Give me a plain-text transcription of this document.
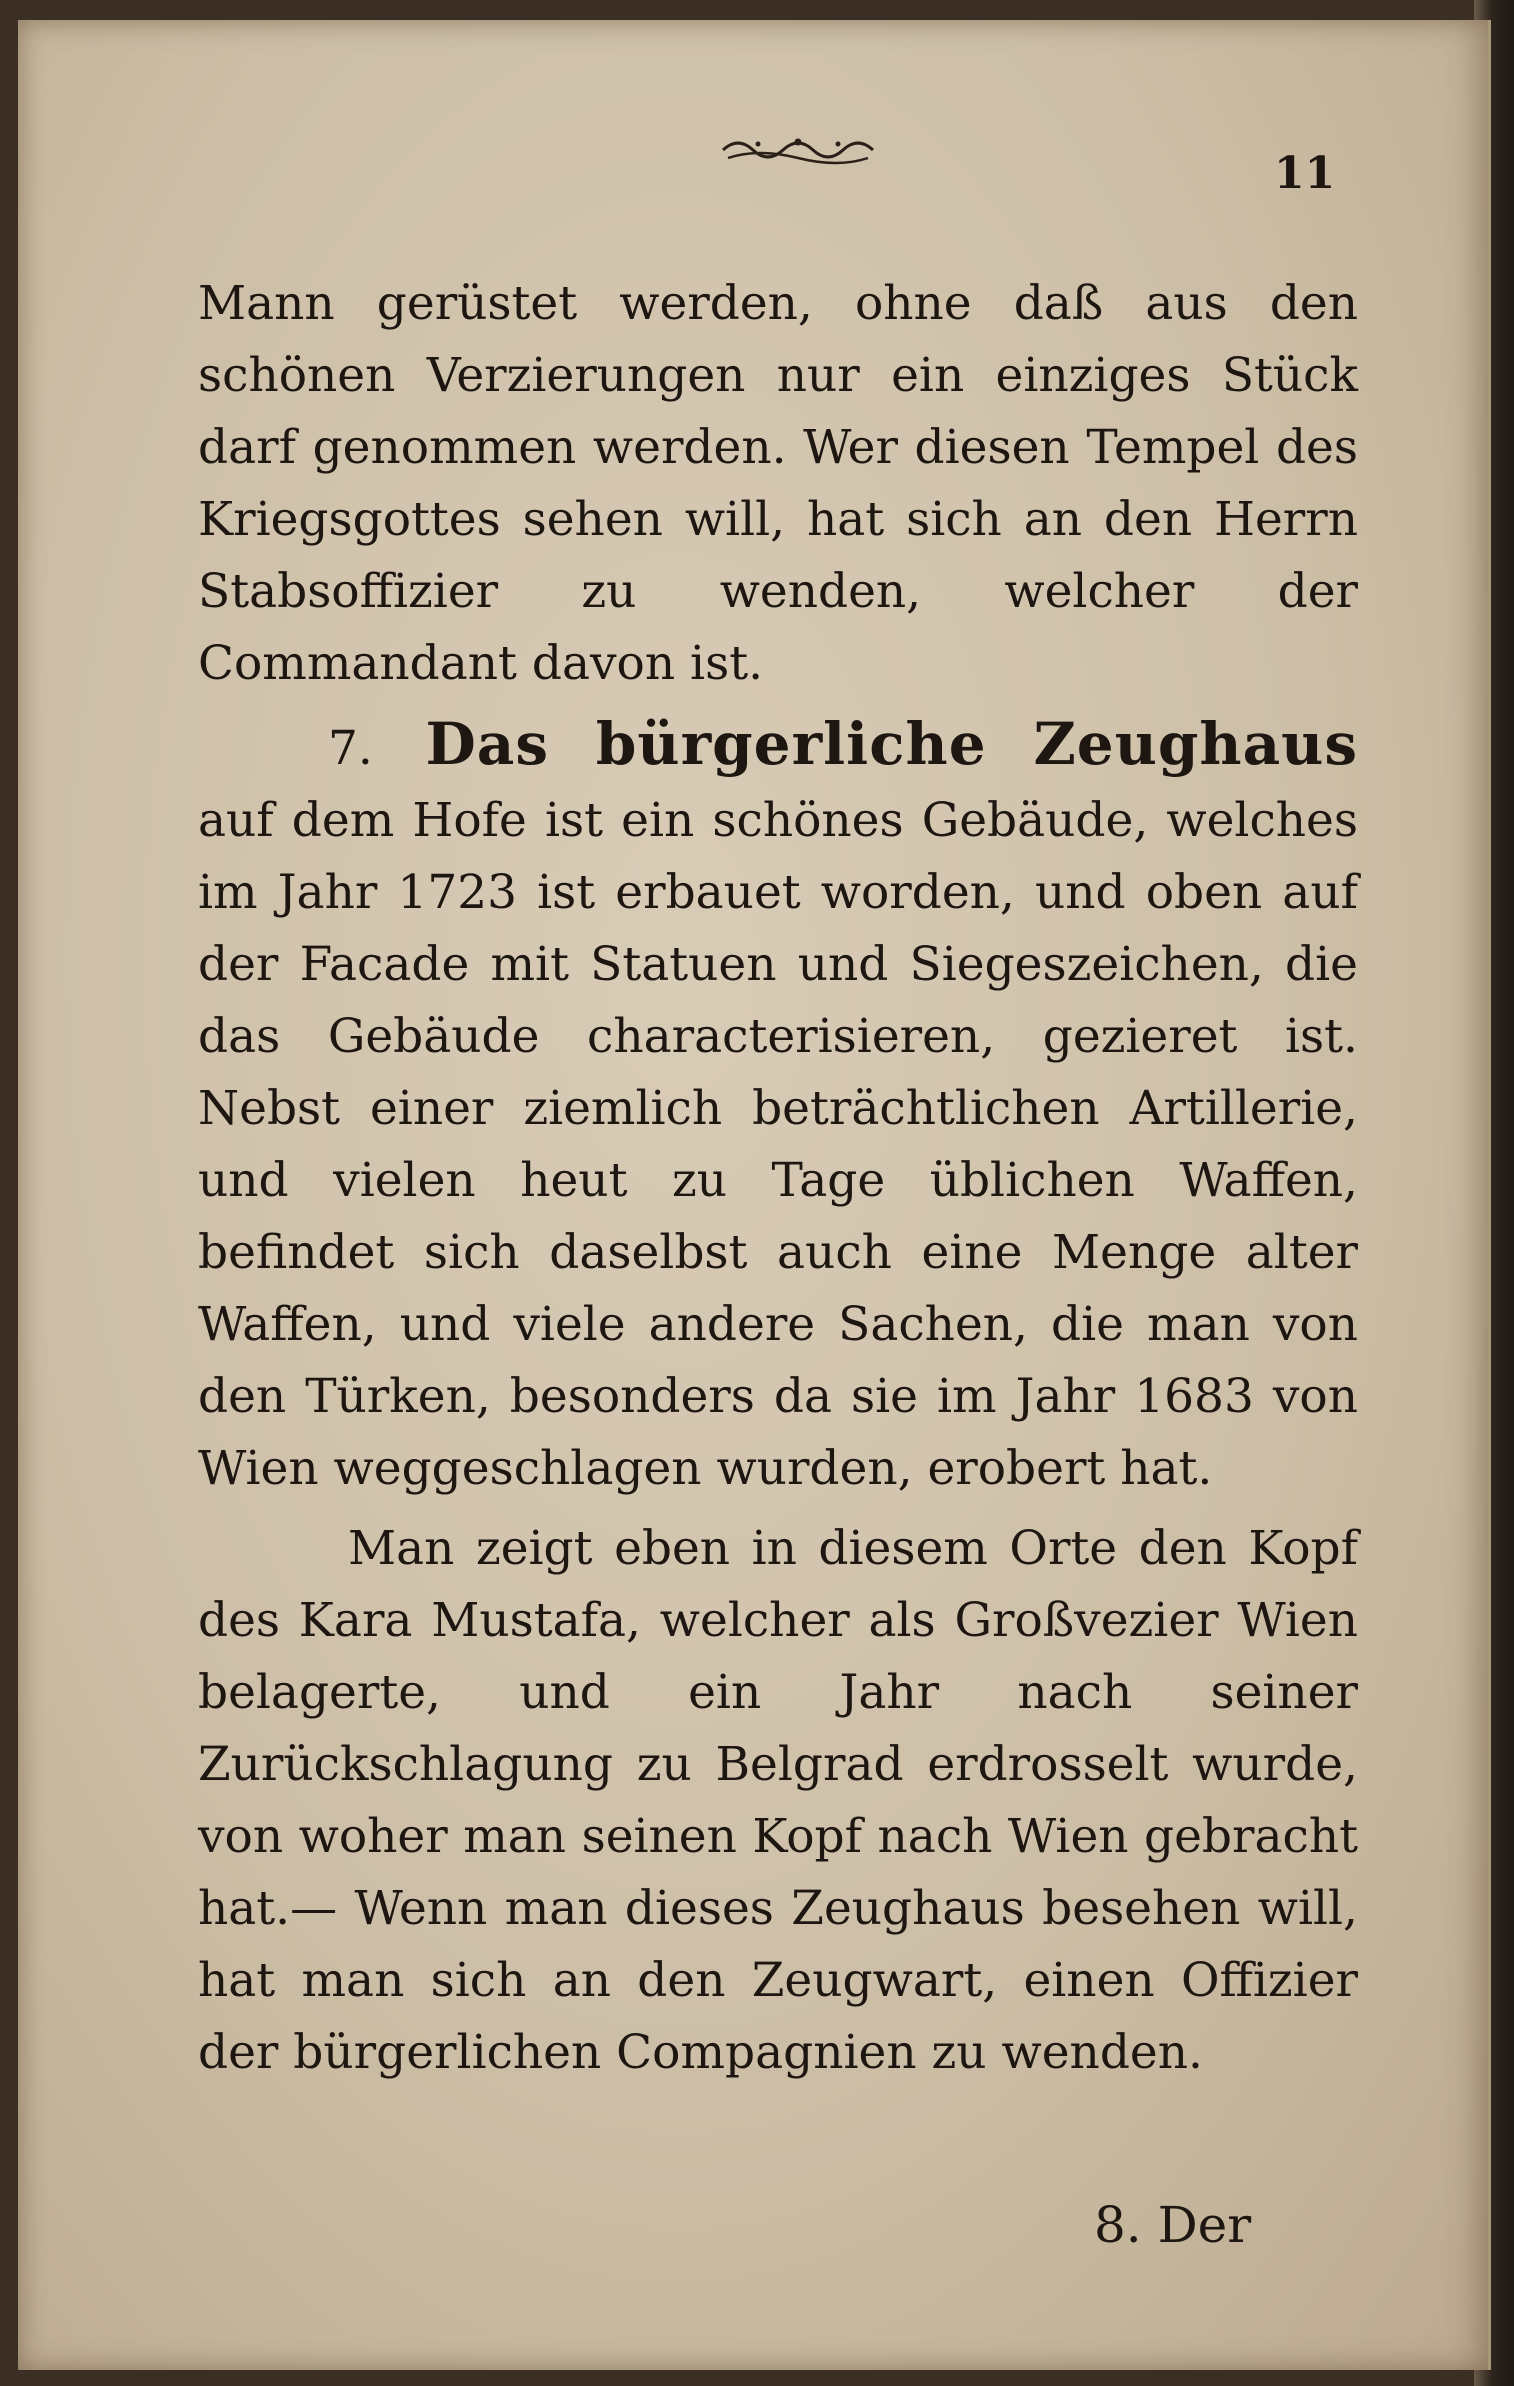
11

Mann gerüstet werden, ohne daß aus den schönen Verzierungen nur ein einziges Stück darf genommen werden. Wer diesen Tempel des Kriegsgottes sehen will, hat sich an den Herrn Stabsoffizier zu wenden, welcher der Commandant davon ist.

7. Das bürgerliche Zeughaus auf dem Hofe ist ein schönes Gebäude, welches im Jahr 1723 ist erbauet worden, und oben auf der Facade mit Statuen und Siegeszeichen, die das Gebäude characterisieren, gezieret ist. Nebst einer ziemlich beträchtlichen Artillerie, und vielen heut zu Tage üblichen Waffen, befindet sich daselbst auch eine Menge alter Waffen, und viele andere Sachen, die man von den Türken, besonders da sie im Jahr 1683 von Wien weggeschlagen wurden, erobert hat.

Man zeigt eben in diesem Orte den Kopf des Kara Mustafa, welcher als Großvezier Wien belagerte, und ein Jahr nach seiner Zurückschlagung zu Belgrad erdrosselt wurde, von woher man seinen Kopf nach Wien gebracht hat.— Wenn man dieses Zeughaus besehen will, hat man sich an den Zeugwart, einen Offizier der bürgerlichen Compagnien zu wenden.

8. Der
